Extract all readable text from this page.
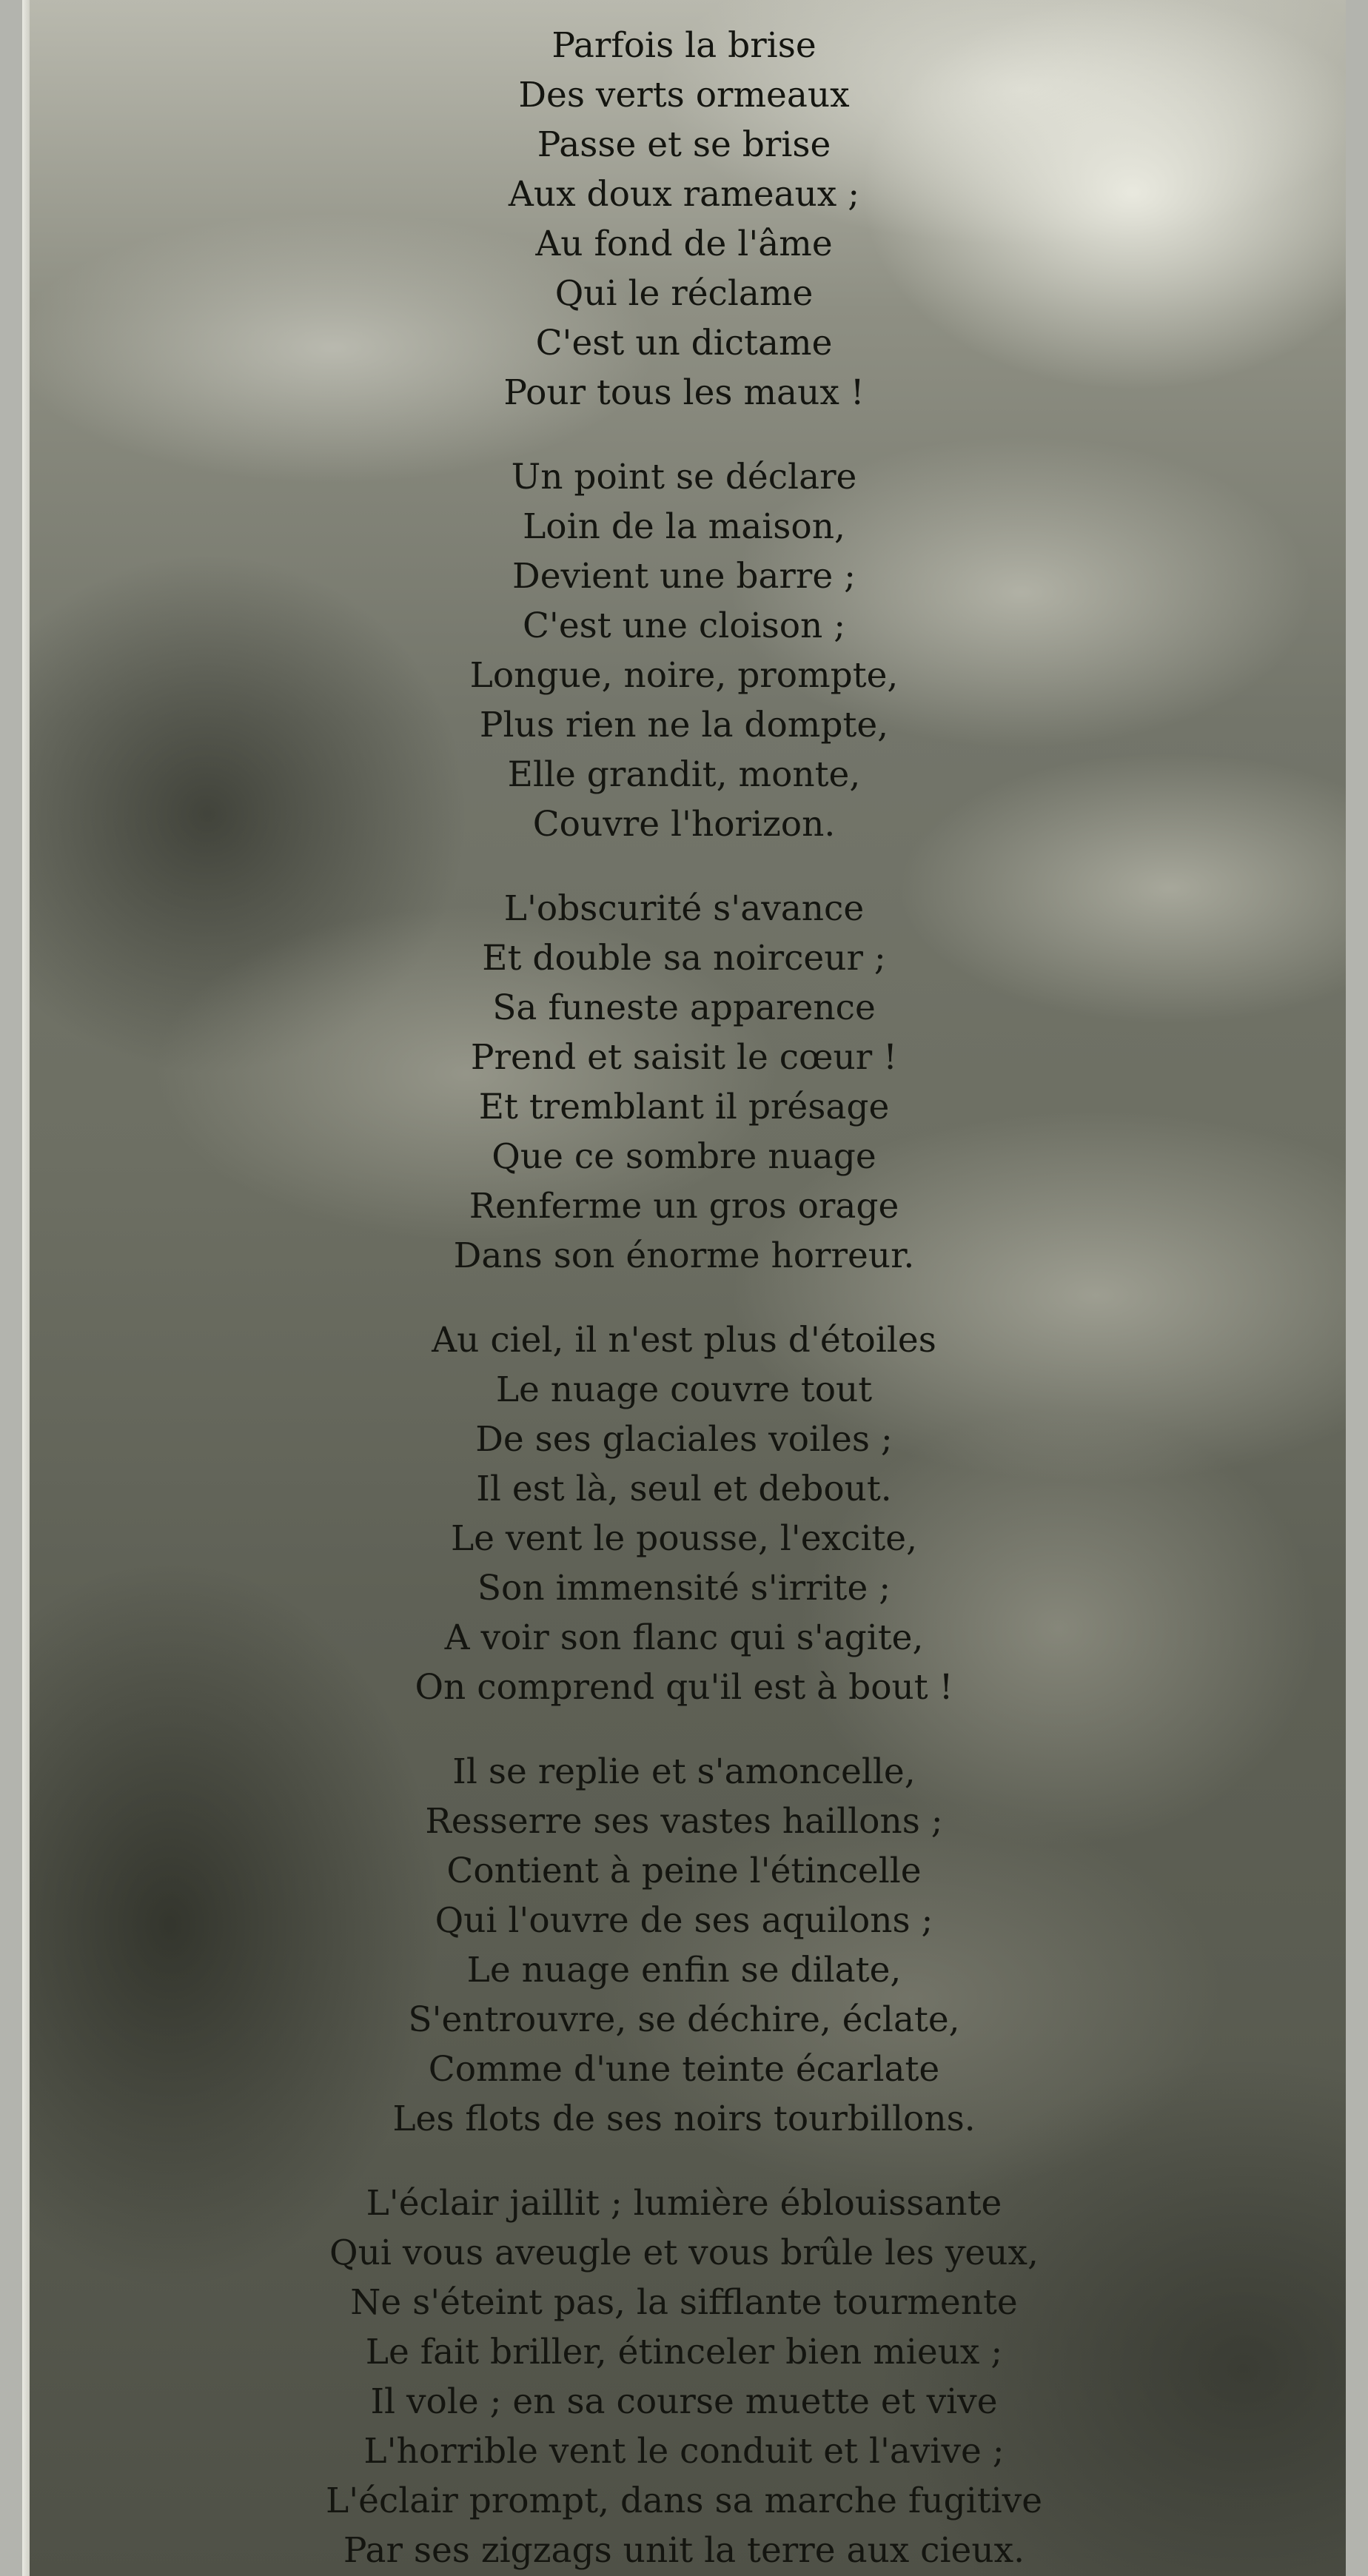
Parfois la brise
Des verts ormeaux
Passe et se brise
Aux doux rameaux ;
Au fond de l'âme
Qui le réclame
C'est un dictame
Pour tous les maux !
Un point se déclare
Loin de la maison,
Devient une barre ;
C'est une cloison ;
Longue, noire, prompte,
Plus rien ne la dompte,
Elle grandit, monte,
Couvre l'horizon.
L'obscurité s'avance
Et double sa noirceur ;
Sa funeste apparence
Prend et saisit le cœur !
Et tremblant il présage
Que ce sombre nuage
Renferme un gros orage
Dans son énorme horreur.
Au ciel, il n'est plus d'étoiles
Le nuage couvre tout
De ses glaciales voiles ;
Il est là, seul et debout.
Le vent le pousse, l'excite,
Son immensité s'irrite ;
A voir son flanc qui s'agite,
On comprend qu'il est à bout !
Il se replie et s'amoncelle,
Resserre ses vastes haillons ;
Contient à peine l'étincelle
Qui l'ouvre de ses aquilons ;
Le nuage enfin se dilate,
S'entrouvre, se déchire, éclate,
Comme d'une teinte écarlate
Les flots de ses noirs tourbillons.
L'éclair jaillit ; lumière éblouissante
Qui vous aveugle et vous brûle les yeux,
Ne s'éteint pas, la sifflante tourmente
Le fait briller, étinceler bien mieux ;
Il vole ; en sa course muette et vive
L'horrible vent le conduit et l'avive ;
L'éclair prompt, dans sa marche fugitive
Par ses zigzags unit la terre aux cieux.
